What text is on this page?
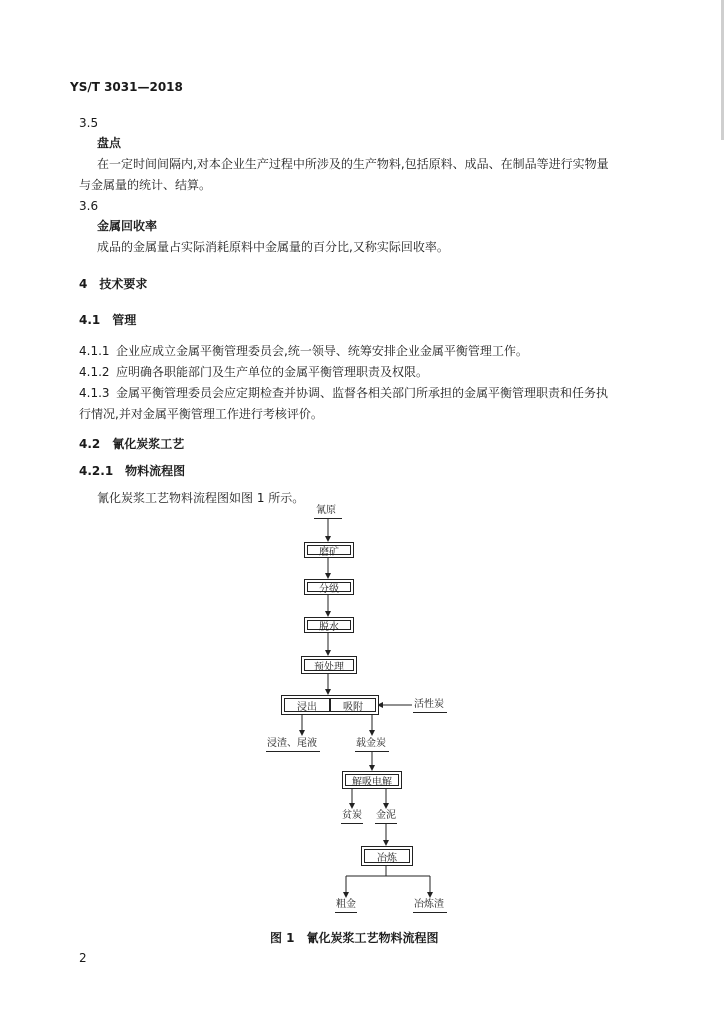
YS/T 3031—2018
3.5
盘点
在一定时间间隔内,对本企业生产过程中所涉及的生产物料,包括原料、成品、在制品等进行实物量
与金属量的统计、结算。
3.6
金属回收率
成品的金属量占实际消耗原料中金属量的百分比,又称实际回收率。
4　技术要求
4.1　管理
4.1.1 企业应成立金属平衡管理委员会,统一领导、统筹安排企业金属平衡管理工作。
4.1.2 应明确各职能部门及生产单位的金属平衡管理职责及权限。
4.1.3 金属平衡管理委员会应定期检查并协调、监督各相关部门所承担的金属平衡管理职责和任务执
行情况,并对金属平衡管理工作进行考核评价。
4.2　氰化炭浆工艺
4.2.1　物料流程图
氰化炭浆工艺物料流程图如图 1 所示。
氰原
磨矿
分级
脱水
预处理
浸出	吸附	活性炭
浸渣、尾液	载金炭
解吸电解
贫炭 金泥
冶炼
粗金	冶炼渣
图 1　氰化炭浆工艺物料流程图
2
